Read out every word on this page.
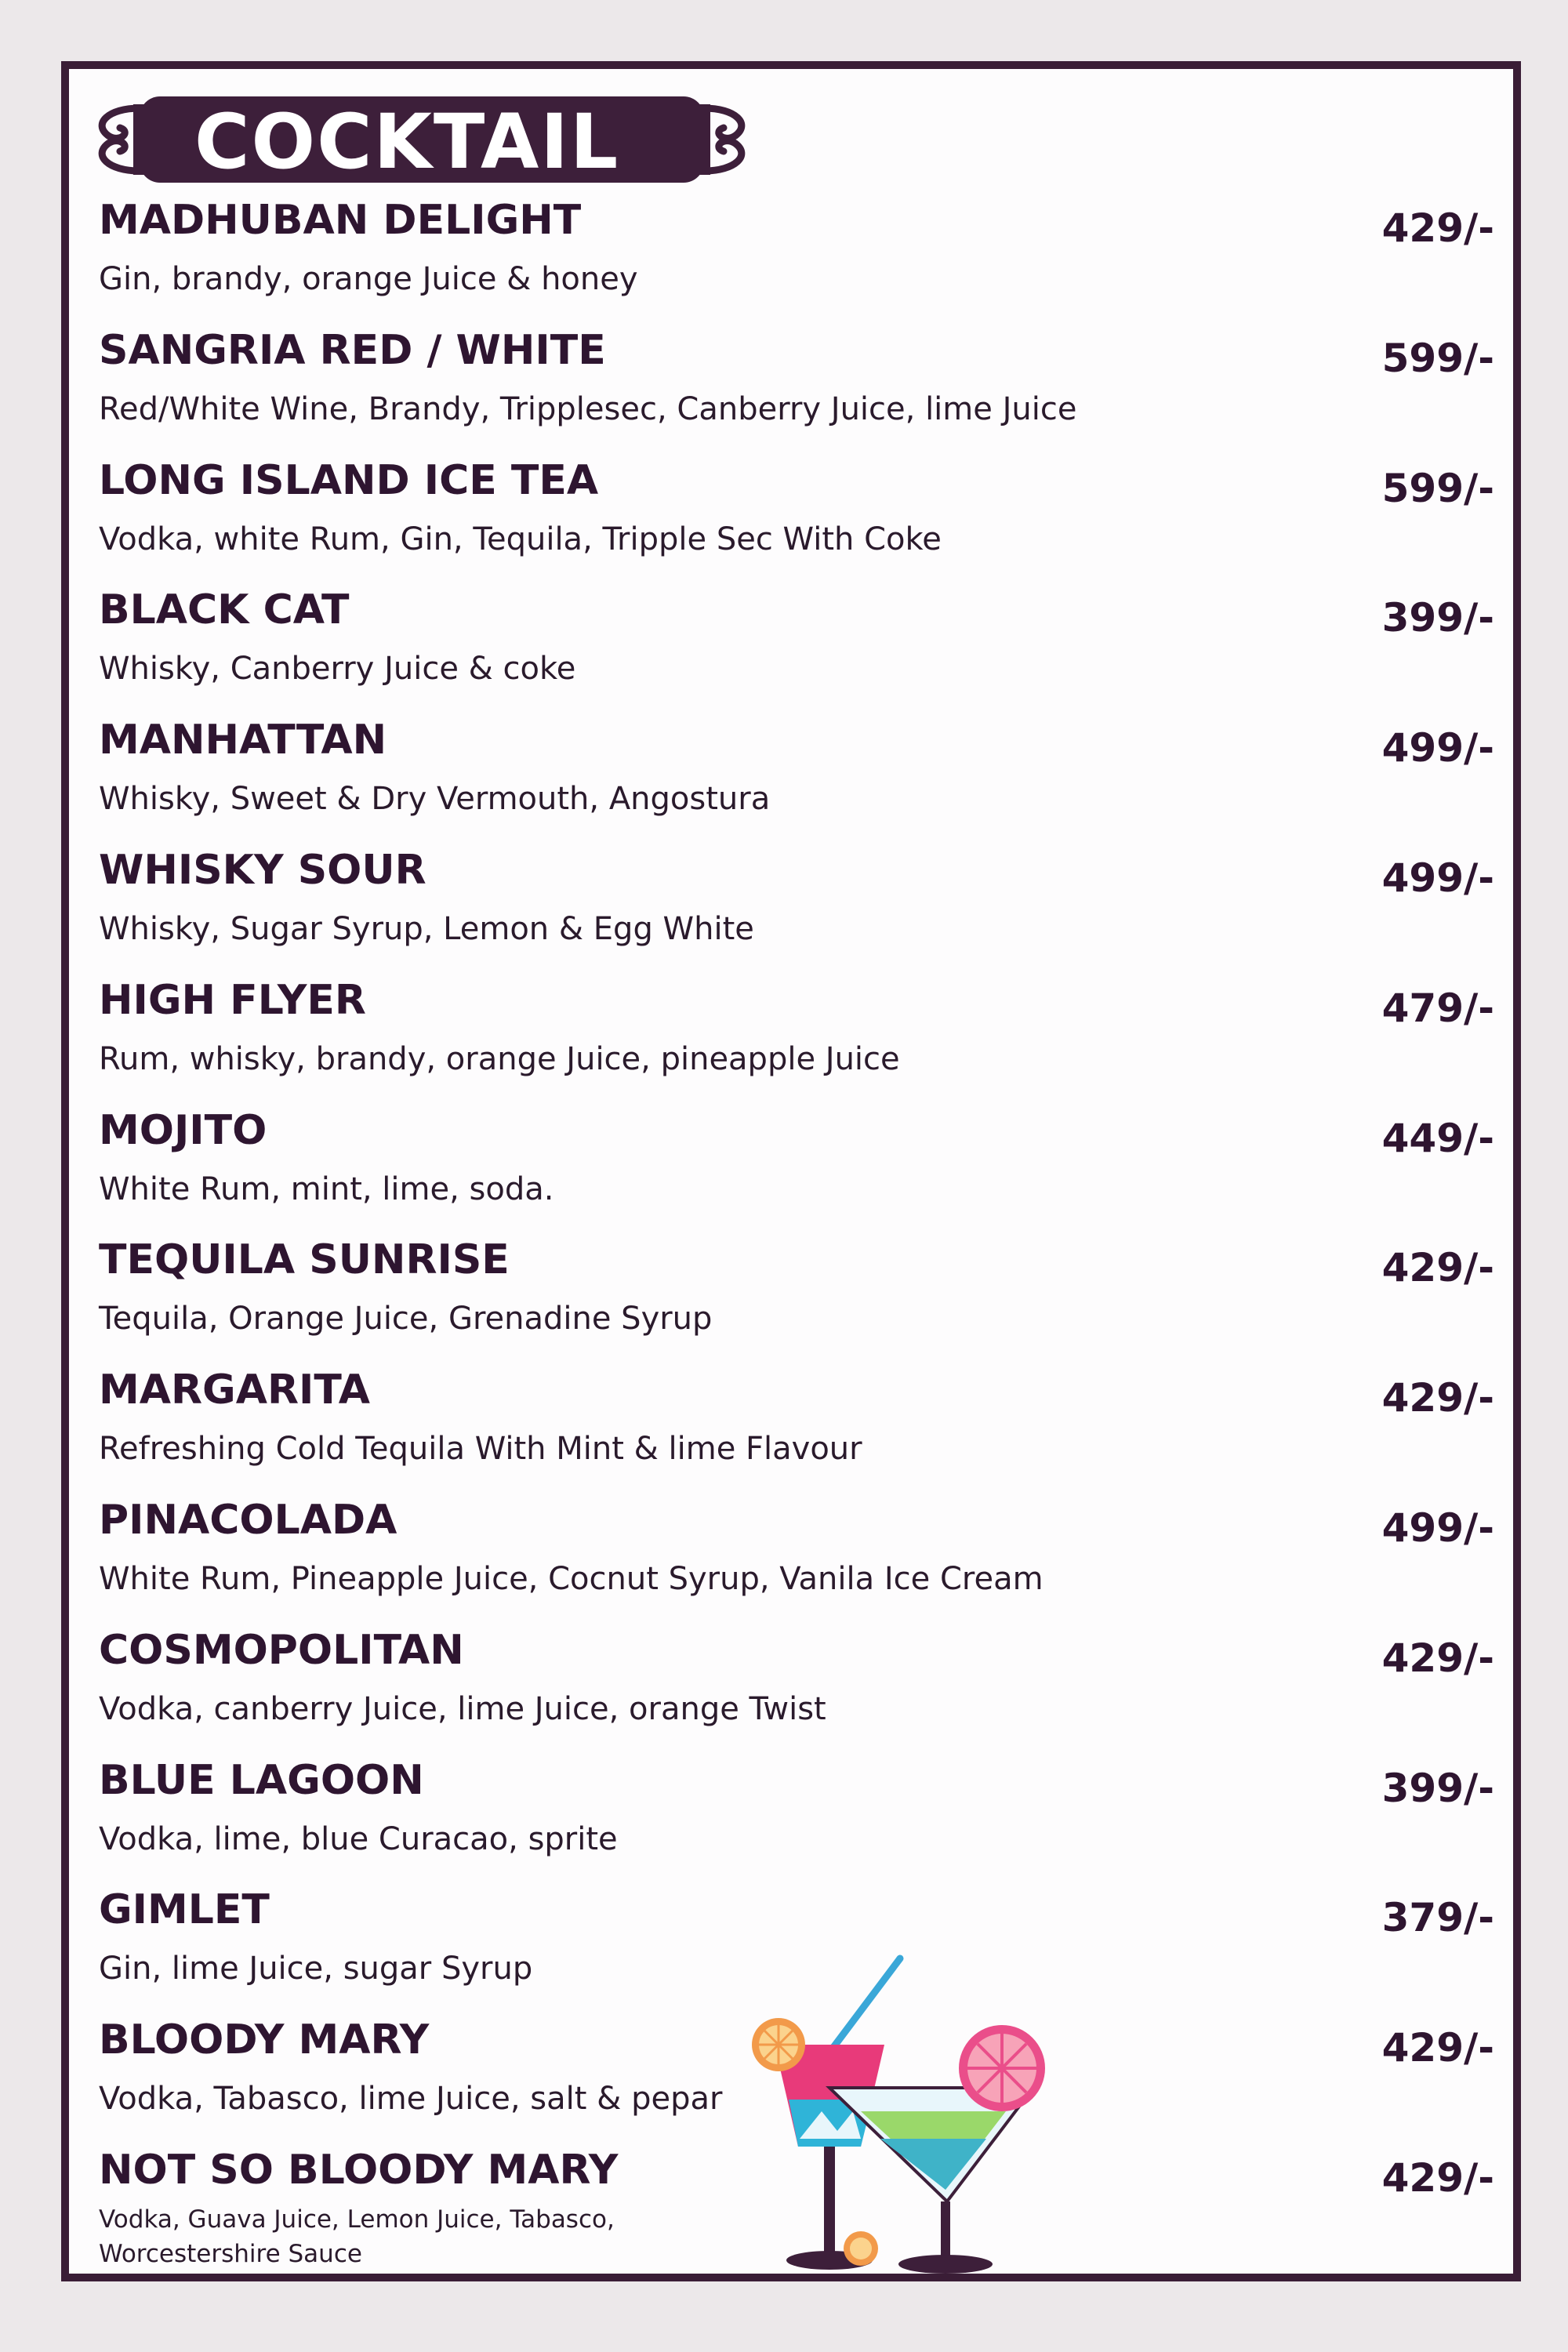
COCKTAIL
MADHUBAN DELIGHT	429/-
Gin, brandy, orange Juice & honey
SANGRIA RED / WHITE	599/-
Red/White Wine, Brandy, Tripplesec, Canberry Juice, lime Juice
LONG ISLAND ICE TEA	599/-
Vodka, white Rum, Gin, Tequila, Tripple Sec With Coke
BLACK CAT	399/-
Whisky, Canberry Juice & coke
MANHATTAN	499/-
Whisky, Sweet & Dry Vermouth, Angostura
WHISKY SOUR	499/-
Whisky, Sugar Syrup, Lemon & Egg White
HIGH FLYER	479/-
Rum, whisky, brandy, orange Juice, pineapple Juice
MOJITO	449/-
White Rum, mint, lime, soda.
TEQUILA SUNRISE	429/-
Tequila, Orange Juice, Grenadine Syrup
MARGARITA	429/-
Refreshing Cold Tequila With Mint & lime Flavour
PINACOLADA	499/-
White Rum, Pineapple Juice, Cocnut Syrup, Vanila Ice Cream
COSMOPOLITAN	429/-
Vodka, canberry Juice, lime Juice, orange Twist
BLUE LAGOON	399/-
Vodka, lime, blue Curacao, sprite
GIMLET	379/-
Gin, lime Juice, sugar Syrup
BLOODY MARY	429/-
Vodka, Tabasco, lime Juice, salt & pepar
NOT SO BLOODY MARY	429/-
Vodka, Guava Juice, Lemon Juice, Tabasco, Worcestershire Sauce
